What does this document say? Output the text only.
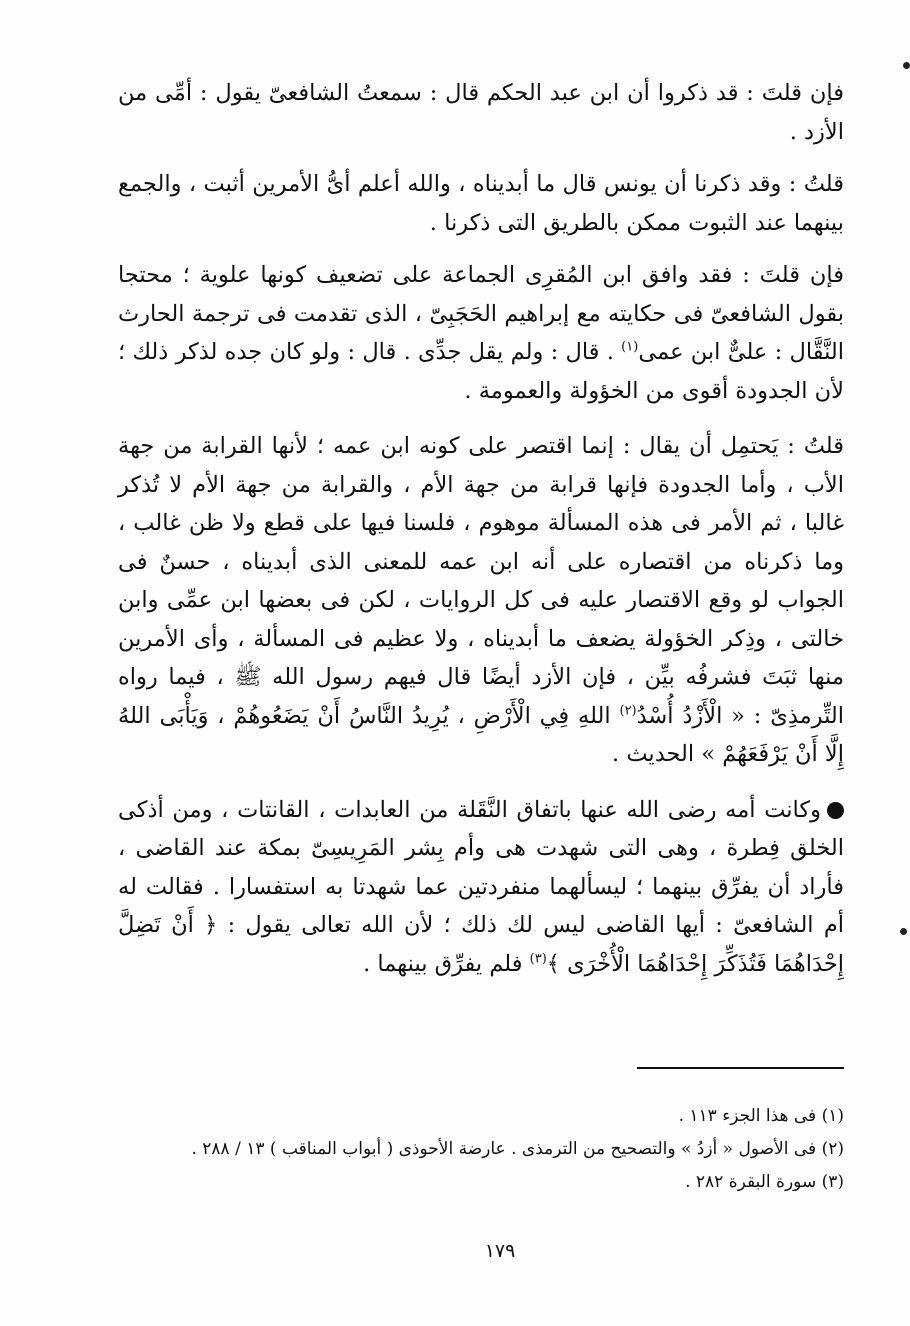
فإن قلتَ : قد ذكروا أن ابن عبد الحكم قال : سمعتُ الشافعىّ يقول : أمِّى من الأزد .

قلتُ : وقد ذكرنا أن يونس قال ما أبديناه ، والله أعلم أىُّ الأمرين أثبت ، والجمع بينهما عند الثبوت ممكن بالطريق التى ذكرنا .

فإن قلتَ : فقد وافق ابن المُقرِى الجماعة على تضعيف كونها علوية ؛ محتجا بقول الشافعىّ فى حكايته مع إبراهيم الحَجَبِىّ ، الذى تقدمت فى ترجمة الحارث النَّقَّال : علىٌّ ابن عمى$^{(١)}$ . قال : ولم يقل جدِّى . قال : ولو كان جده لذكر ذلك ؛ لأن الجدودة أقوى من الخؤولة والعمومة .

قلتُ : يَحتمِل أن يقال : إنما اقتصر على كونه ابن عمه ؛ لأنها القرابة من جهة الأب ، وأما الجدودة فإنها قرابة من جهة الأم ، والقرابة من جهة الأم لا تُذكر غالبا ، ثم الأمر فى هذه المسألة موهوم ، فلسنا فيها على قطع ولا ظن غالب ، وما ذكرناه من اقتصاره على أنه ابن عمه للمعنى الذى أبديناه ، حسنٌ فى الجواب لو وقع الاقتصار عليه فى كل الروايات ، لكن فى بعضها ابن عمِّى وابن خالتى ، وذِكر الخؤولة يضعف ما أبديناه ، ولا عظيم فى المسألة ، وأى الأمرين منها ثبَتَ فشرفُه بيِّن ، فإن الأزد أيضًا قال فيهم رسول الله ﷺ ، فيما رواه التِّرمذِىّ : « الْأَزْدُ أُسْدُ$^{(٢)}$ اللهِ فِي الْأَرْضِ ، يُرِيدُ النَّاسُ أَنْ يَضَعُوهُمْ ، وَيَأْبَى اللهُ إِلَّا أَنْ يَرْفَعَهُمْ » الحديث .

وكانت أمه رضى الله عنها باتفاق النَّقَلة من العابدات ، القانتات ، ومن أذكى الخلق فِطرة ، وهى التى شهدت هى وأم بِشر المَرِيسِىّ بمكة عند القاضى ، فأراد أن يفرِّق بينهما ؛ ليسألهما منفردتين عما شهدتا به استفسارا . فقالت له أم الشافعىّ : أيها القاضى ليس لك ذلك ؛ لأن الله تعالى يقول : ﴿ أَنْ تَضِلَّ إِحْدَاهُمَا فَتُذَكِّرَ إِحْدَاهُمَا الْأُخْرَى ﴾$^{(٣)}$ فلم يفرِّق بينهما .

(١) فى هذا الجزء ١١٣ .

(٢) فى الأصول « أزدُ » والتصحيح من الترمذى . عارضة الأحوذى ( أبواب المناقب ) ١٣ / ٢٨٨ .

(٣) سورة البقرة ٢٨٢ .

١٧٩
